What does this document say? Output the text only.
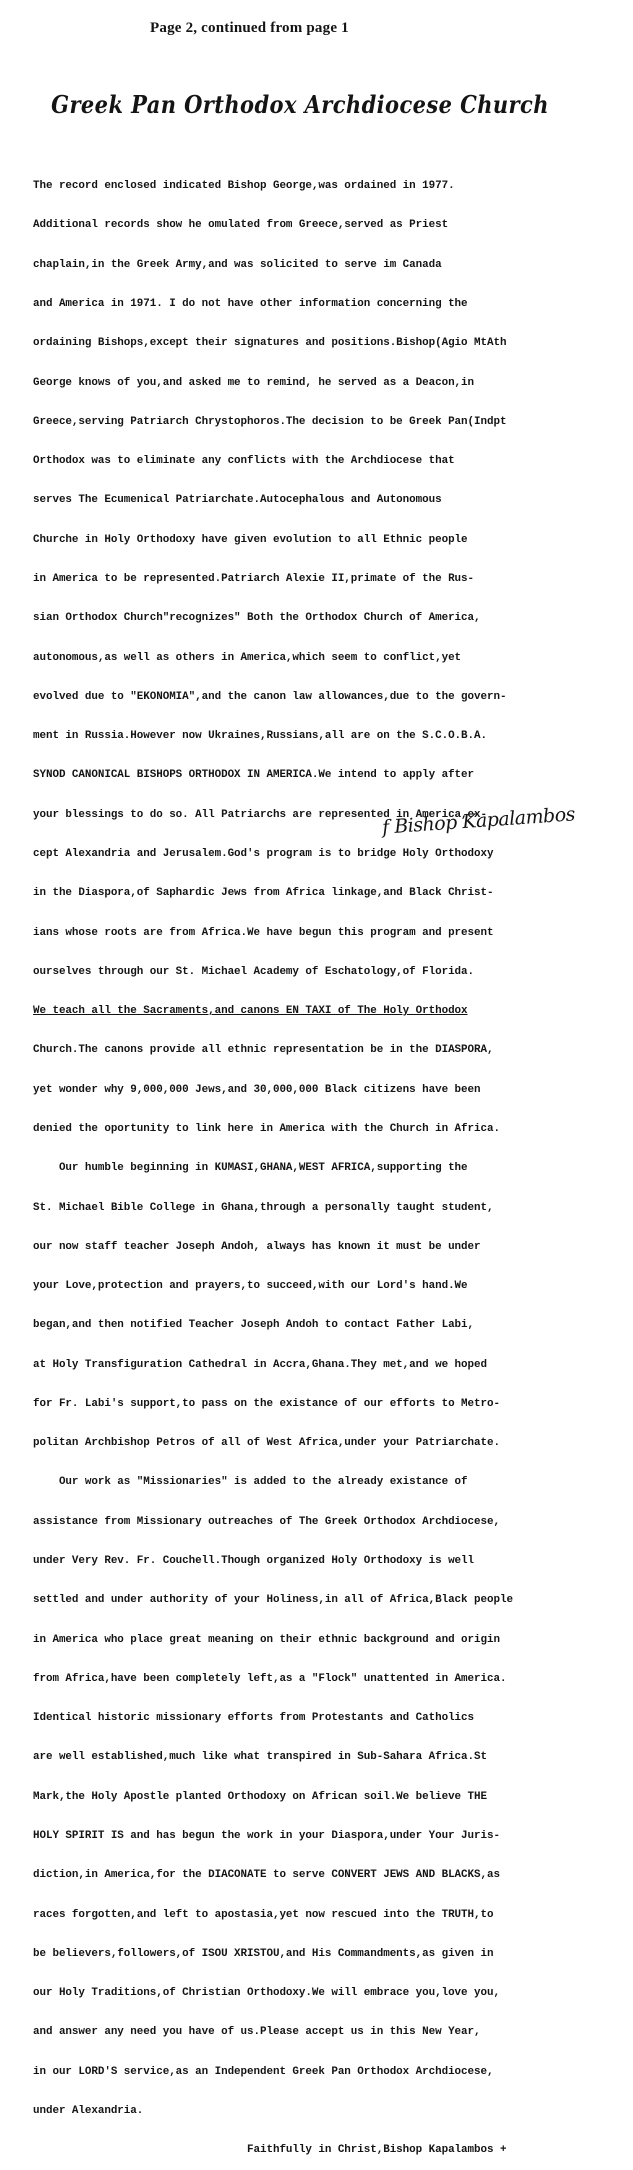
Page 2, continued from page 1
Greek Pan Orthodox Archdiocese Church

The record enclosed indicated Bishop George,was ordained in 1977.

Additional records show he omulated from Greece,served as Priest

chaplain,in the Greek Army,and was solicited to serve im Canada

and America in 1971. I do not have other information concerning the

ordaining Bishops,except their signatures and positions.Bishop(Agio MtAth

George knows of you,and asked me to remind, he served as a Deacon,in

Greece,serving Patriarch Chrystophoros.The decision to be Greek Pan(Indpt

Orthodox was to eliminate any conflicts with the Archdiocese that

serves The Ecumenical Patriarchate.Autocephalous and Autonomous

Churche in Holy Orthodoxy have given evolution to all Ethnic people

in America to be represented.Patriarch Alexie II,primate of the Rus-

sian Orthodox Church"recognizes" Both the Orthodox Church of America,

autonomous,as well as others in America,which seem to conflict,yet

evolved due to "EKONOMIA",and the canon law allowances,due to the govern-

ment in Russia.However now Ukraines,Russians,all are on the S.C.O.B.A.

SYNOD CANONICAL BISHOPS ORTHODOX IN AMERICA.We intend to apply after

your blessings to do so. All Patriarchs are represented in America,ex-

cept Alexandria and Jerusalem.God's program is to bridge Holy Orthodoxy

in the Diaspora,of Saphardic Jews from Africa linkage,and Black Christ-

ians whose roots are from Africa.We have begun this program and present

ourselves through our St. Michael Academy of Eschatology,of Florida.

We teach all the Sacraments,and canons EN TAXI of The Holy Orthodox

Church.The canons provide all ethnic representation be in the DIASPORA,

yet wonder why 9,000,000 Jews,and 30,000,000 Black citizens have been

denied the oportunity to link here in America with the Church in Africa.

Our humble beginning in KUMASI,GHANA,WEST AFRICA,supporting the

St. Michael Bible College in Ghana,through a personally taught student,

our now staff teacher Joseph Andoh, always has known it must be under

your Love,protection and prayers,to succeed,with our Lord's hand.We

began,and then notified Teacher Joseph Andoh to contact Father Labi,

at Holy Transfiguration Cathedral in Accra,Ghana.They met,and we hoped

for Fr. Labi's support,to pass on the existance of our efforts to Metro-

politan Archbishop Petros of all of West Africa,under your Patriarchate.

Our work as "Missionaries" is added to the already existance of

assistance from Missionary outreaches of The Greek Orthodox Archdiocese,

under Very Rev. Fr. Couchell.Though organized Holy Orthodoxy is well

settled and under authority of your Holiness,in all of Africa,Black people

in America who place great meaning on their ethnic background and origin

from Africa,have been completely left,as a "Flock" unattented in America.

Identical historic missionary efforts from Protestants and Catholics

are well established,much like what transpired in Sub-Sahara Africa.St

Mark,the Holy Apostle planted Orthodoxy on African soil.We believe THE

HOLY SPIRIT IS and has begun the work in your Diaspora,under Your Juris-

diction,in America,for the DIACONATE to serve CONVERT JEWS AND BLACKS,as

races forgotten,and left to apostasia,yet now rescued into the TRUTH,to

be believers,followers,of ISOU XRISTOU,and His Commandments,as given in

our Holy Traditions,of Christian Orthodoxy.We will embrace you,love you,

and answer any need you have of us.Please accept us in this New Year,

in our LORD'S service,as an Independent Greek Pan Orthodox Archdiocese,

under Alexandria.

Faithfully in Christ,Bishop Kapalambos +

f Bishop Kapalambos
